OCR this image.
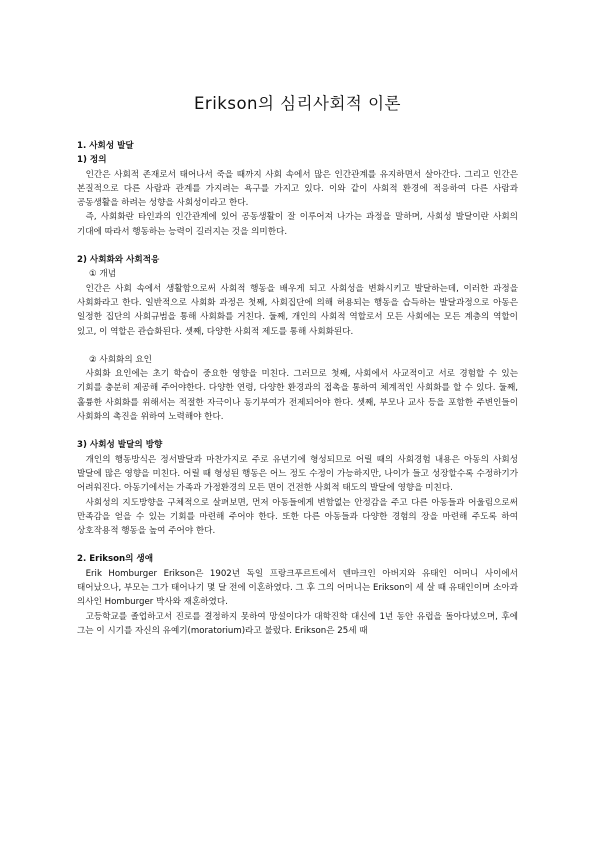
Erikson의 심리사회적 이론
1. 사회성 발달
1) 정의

인간은 사회적 존재로서 태어나서 죽을 때까지 사회 속에서 많은 인간관계를 유지하면서 살아간다. 그리고 인간은 본질적으로 다른 사람과 관계를 가지려는 욕구를 가지고 있다. 이와 같이 사회적 환경에 적응하여 다른 사람과 공동생활을 하려는 성향을 사회성이라고 한다.

즉, 사회화란 타인과의 인간관계에 있어 공동생활이 잘 이루어져 나가는 과정을 말하며, 사회성 발달이란 사회의 기대에 따라서 행동하는 능력이 길러지는 것을 의미한다.

2) 사회화와 사회적응
① 개념

인간은 사회 속에서 생활함으로써 사회적 행동을 배우게 되고 사회성을 변화시키고 발달하는데, 이러한 과정을 사회화라고 한다. 일반적으로 사회화 과정은 첫째, 사회집단에 의해 허용되는 행동을 습득하는 발달과정으로 아동은 일정한 집단의 사회규범을 통해 사회화를 거친다. 둘째, 개인의 사회적 역할로서 모든 사회에는 모든 계층의 역할이 있고, 이 역할은 관습화된다. 셋째, 다양한 사회적 제도를 통해 사회화된다.

② 사회화의 요인

사회화 요인에는 초기 학습이 중요한 영향을 미친다. 그러므로 첫째, 사회에서 사교적이고 서로 경험할 수 있는 기회를 충분히 제공해 주어야한다. 다양한 연령, 다양한 환경과의 접촉을 통하여 체계적인 사회화를 할 수 있다. 둘째, 훌륭한 사회화를 위해서는 적절한 자극이나 동기부여가 전제되어야 한다. 셋째, 부모나 교사 등을 포함한 주변인들이 사회화의 촉진을 위하여 노력해야 한다.

3) 사회성 발달의 방향

개인의 행동방식은 정서발달과 마찬가지로 주로 유년기에 형성되므로 어릴 때의 사회경험 내용은 아동의 사회성 발달에 많은 영향을 미친다. 어릴 때 형성된 행동은 어느 정도 수정이 가능하지만, 나이가 들고 성장할수록 수정하기가 어려워진다. 아동기에서는 가족과 가정환경의 모든 면이 건전한 사회적 태도의 발달에 영향을 미친다.

사회성의 지도방향을 구체적으로 살펴보면, 먼저 아동들에게 변함없는 안정감을 주고 다른 아동들과 어울림으로써 만족감을 얻을 수 있는 기회를 마련해 주어야 한다. 또한 다른 아동들과 다양한 경험의 장을 마련해 주도록 하여 상호작용적 행동을 높여 주어야 한다.

2. Erikson의 생애

Erik Homburger Erikson은 1902년 독일 프랑크푸르트에서 덴마크인 아버지와 유태인 어머니 사이에서 태어났으나, 부모는 그가 태어나기 몇 달 전에 이혼하였다. 그 후 그의 어머니는 Erikson이 세 살 때 유태인이며 소아과 의사인 Homburger 박사와 재혼하였다.

고등학교를 졸업하고서 진로를 결정하지 못하여 망설이다가 대학진학 대신에 1년 동안 유럽을 돌아다녔으며, 후에 그는 이 시기를 자신의 유예기(moratorium)라고 불렀다. Erikson은 25세 때
